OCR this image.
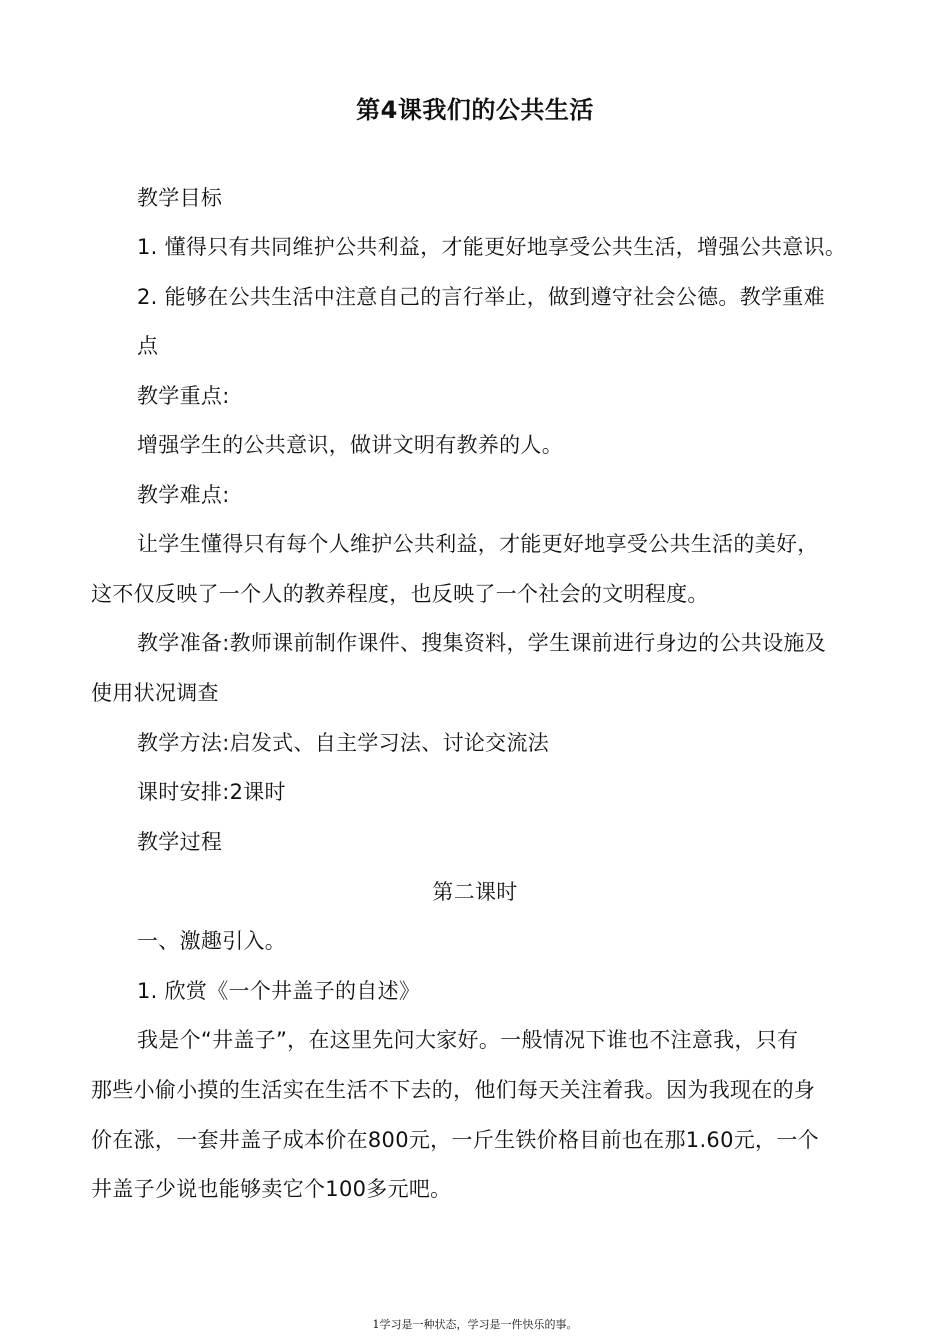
第4课我们的公共生活
教学目标
1. 懂得只有共同维护公共利益，才能更好地享受公共生活，增强公共意识。
2. 能够在公共生活中注意自己的言行举止，做到遵守社会公德。教学重难
点
教学重点:
增强学生的公共意识，做讲文明有教养的人。
教学难点:
让学生懂得只有每个人维护公共利益，才能更好地享受公共生活的美好，
这不仅反映了一个人的教养程度，也反映了一个社会的文明程度。
教学准备:教师课前制作课件、搜集资料，学生课前进行身边的公共设施及
使用状况调查
教学方法:启发式、自主学习法、讨论交流法
课时安排:2课时
教学过程
第二课时
一、激趣引入。
1. 欣赏《一个井盖子的自述》
我是个“井盖子”，在这里先问大家好。一般情况下谁也不注意我，只有
那些小偷小摸的生活实在生活不下去的，他们每天关注着我。因为我现在的身
价在涨，一套井盖子成本价在800元，一斤生铁价格目前也在那1.60元，一个
井盖子少说也能够卖它个100多元吧。
1学习是一种状态，学习是一件快乐的事。
